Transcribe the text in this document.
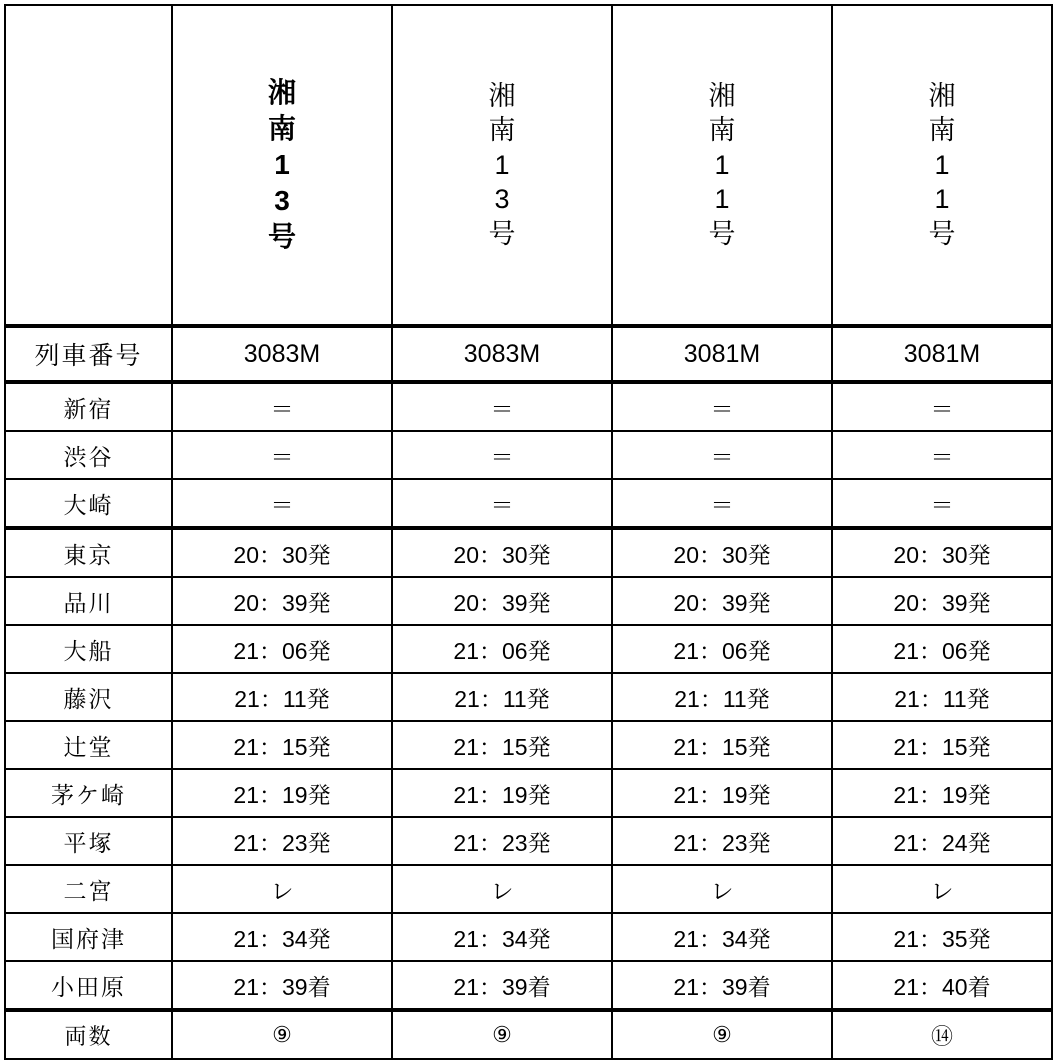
	湘
南
1
3
号	湘
南
1
3
号	湘
南
1
1
号	湘
南
1
1
号

列車番号	3083M	3083M	3081M	3081M
新宿	＝	＝	＝	＝
渋谷	＝	＝	＝	＝
大崎	＝	＝	＝	＝
東京	20：30発	20：30発	20：30発	20：30発
品川	20：39発	20：39発	20：39発	20：39発
大船	21：06発	21：06発	21：06発	21：06発
藤沢	21：11発	21：11発	21：11発	21：11発
辻堂	21：15発	21：15発	21：15発	21：15発
茅ケ崎	21：19発	21：19発	21：19発	21：19発
平塚	21：23発	21：23発	21：23発	21：24発
二宮	レ	レ	レ	レ
国府津	21：34発	21：34発	21：34発	21：35発
小田原	21：39着	21：39着	21：39着	21：40着
両数	⑨	⑨	⑨	⑭
